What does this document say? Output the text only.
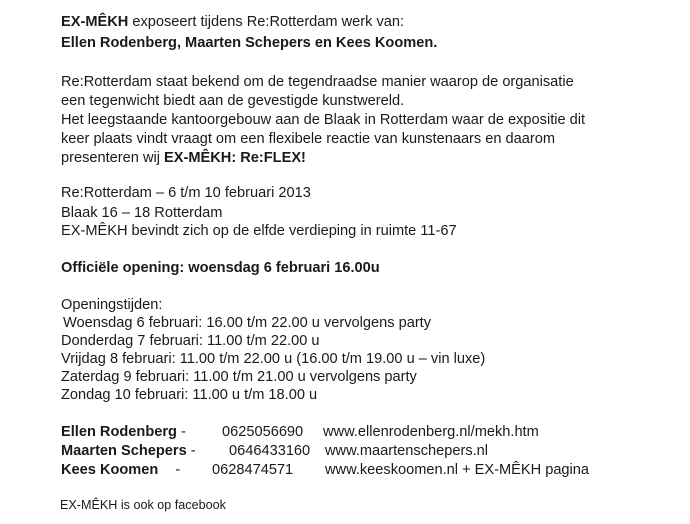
EX-MÊKH exposeert tijdens Re:Rotterdam werk van:
Ellen Rodenberg, Maarten Schepers en Kees Koomen.
Re:Rotterdam staat bekend om de tegendraadse manier waarop de organisatie
een tegenwicht biedt aan de gevestigde kunstwereld.
Het leegstaande kantoorgebouw aan de Blaak in Rotterdam waar de expositie dit
keer plaats vindt vraagt om een flexibele reactie van kunstenaars en daarom
presenteren wij EX-MÊKH: Re:FLEX!
Re:Rotterdam – 6 t/m 10 februari 2013
Blaak 16 – 18 Rotterdam
EX-MÊKH bevindt zich op de elfde verdieping in ruimte 11-67
Officiële opening: woensdag 6 februari 16.00u
Openingstijden:
Woensdag 6 februari: 16.00 t/m 22.00 u vervolgens party
Donderdag 7 februari: 11.00 t/m 22.00 u
Vrijdag 8 februari: 11.00 t/m 22.00 u (16.00 t/m 19.00 u – vin luxe)
Zaterdag 9 februari: 11.00 t/m 21.00 u vervolgens party
Zondag 10 februari: 11.00 u t/m 18.00 u
Ellen Rodenberg - 0625056690 www.ellenrodenberg.nl/mekh.htm
Maarten Schepers - 0646433160 www.maartenschepers.nl
Kees Koomen - 0628474571 www.keeskoomen.nl + EX-MÊKH pagina
EX-MÊKH is ook op facebook
